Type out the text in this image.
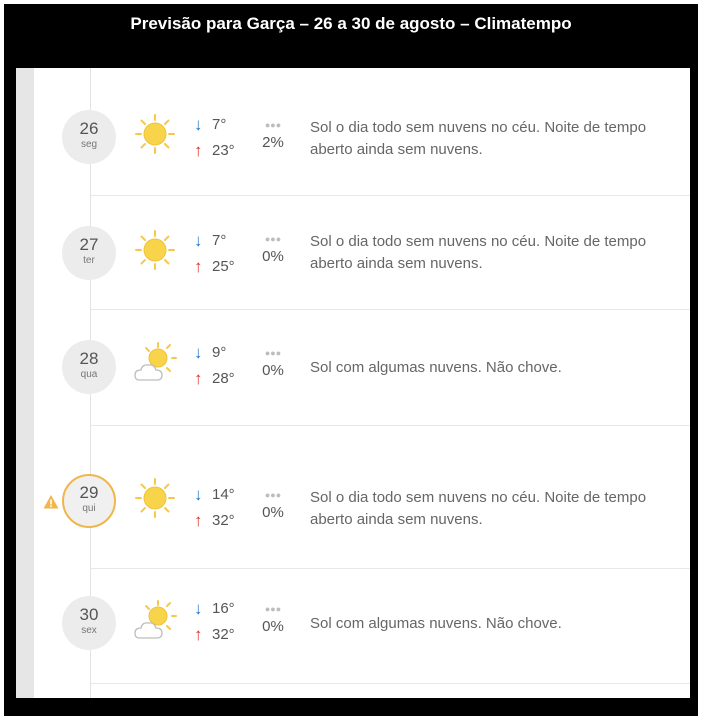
Previsão para Garça – 26 a 30 de agosto – Climatempo
26
seg
↓ 7°
↑ 23°
●●●
2%
Sol o dia todo sem nuvens no céu. Noite de tempo aberto ainda sem nuvens.
27
ter
↓ 7°
↑ 25°
●●●
0%
Sol o dia todo sem nuvens no céu. Noite de tempo aberto ainda sem nuvens.
28
qua
↓ 9°
↑ 28°
●●●
0%	Sol com algumas nuvens. Não chove.
29
qui
↓ 14°
↑ 32°
●●●
0%
Sol o dia todo sem nuvens no céu. Noite de tempo aberto ainda sem nuvens.
30
sex
↓ 16°
↑ 32°
●●●
0%	Sol com algumas nuvens. Não chove.
